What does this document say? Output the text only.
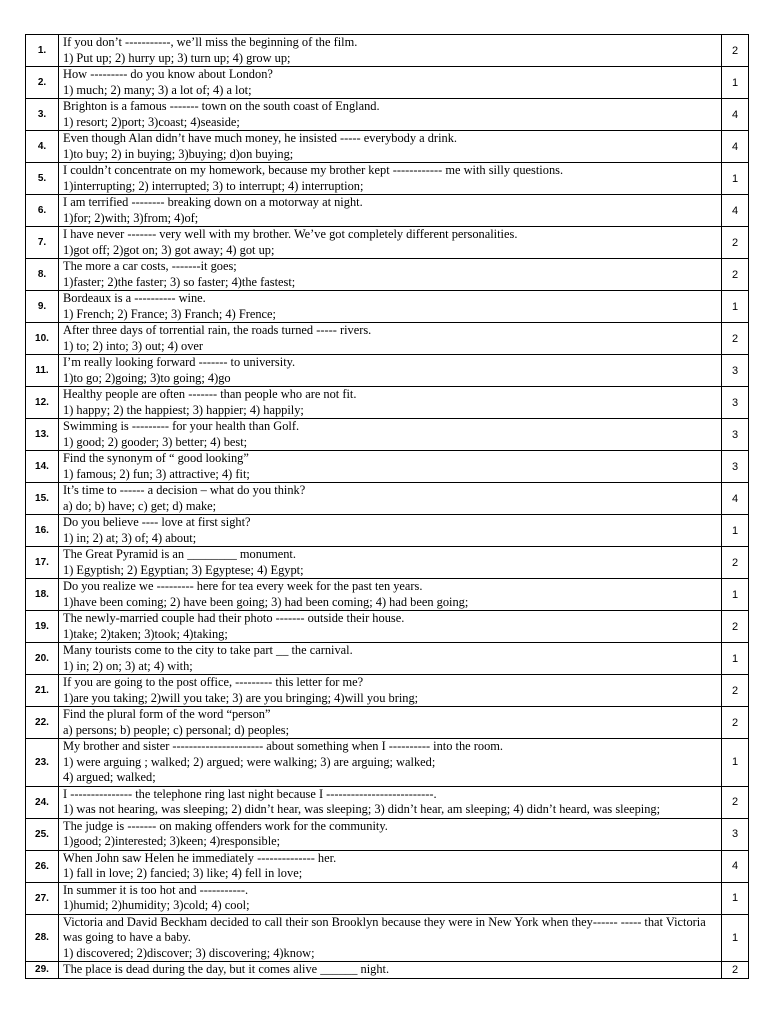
1.	If you don’t -----------, we’ll miss the beginning of the film.
1) Put up; 2) hurry up; 3) turn up; 4) grow up;	2
2.	How --------- do you know about London?
1) much; 2) many; 3) a lot of; 4) a lot;	1
3.	Brighton is a famous ------- town on the south coast of England.
1) resort; 2)port; 3)coast; 4)seaside;	4
4.	Even though Alan didn’t have much money, he insisted ----- everybody a drink.
1)to buy; 2) in buying; 3)buying; d)on buying;	4
5.	I couldn’t concentrate on my homework, because my brother kept ------------ me with silly questions.
1)interrupting; 2) interrupted; 3) to interrupt; 4) interruption;	1
6.	I am terrified -------- breaking down on a motorway at night.
1)for; 2)with; 3)from; 4)of;	4
7.	I have never ------- very well with my brother. We’ve got completely different personalities.
1)got off; 2)got on; 3) got away; 4) got up;	2
8.	The more a car costs, -------it goes;
1)faster; 2)the faster; 3) so faster; 4)the fastest;	2
9.	Bordeaux is a ---------- wine.
1) French; 2) France; 3) Franch; 4) Frence;	1
10.	After three days of torrential rain, the roads turned ----- rivers.
1) to; 2) into; 3) out; 4) over	2
11.	I’m really looking forward ------- to university.
1)to go; 2)going; 3)to going; 4)go	3
12.	Healthy people are often ------- than people who are not fit.
1) happy; 2) the happiest; 3) happier; 4) happily;	3
13.	Swimming is --------- for your health than Golf.
1) good; 2) gooder; 3) better; 4) best;	3
14.	Find the synonym of “ good looking”
1) famous; 2) fun; 3) attractive; 4) fit;	3
15.	It’s time to ------ a decision – what do you think?
a) do; b) have; c) get; d) make;	4
16.	Do you believe ---- love at first sight?
1) in; 2) at; 3) of; 4) about;	1
17.	The Great Pyramid is an ________ monument.
1) Egyptish; 2) Egyptian; 3) Egyptese; 4) Egypt;	2
18.	Do you realize we --------- here for tea every week for the past ten years.
1)have been coming; 2) have been going; 3) had been coming; 4) had been going;	1
19.	The newly-married couple had their photo ------- outside their house.
1)take; 2)taken; 3)took; 4)taking;	2
20.	Many tourists come to the city to take part __ the carnival.
1) in; 2) on; 3) at; 4) with;	1
21.	If you are going to the post office, --------- this letter for me?
1)are you taking; 2)will you take; 3) are you bringing; 4)will you bring;	2
22.	Find the plural form of the word “person”
a) persons; b) people; c) personal; d) peoples;	2
23.	My brother and sister ---------------------- about something when I ---------- into the room.
1) were arguing ; walked; 2) argued; were walking; 3) are arguing; walked;
4) argued; walked;	1
24.	I --------------- the telephone ring last night because I --------------------------.
1) was not hearing, was sleeping; 2) didn’t hear, was sleeping; 3) didn’t hear, am sleeping; 4) didn’t heard, was sleeping;	2
25.	The judge is ------- on making offenders work for the community.
1)good; 2)interested; 3)keen; 4)responsible;	3
26.	When John saw Helen he immediately -------------- her.
1) fall in love; 2) fancied; 3) like; 4) fell in love;	4
27.	In summer it is too hot and -----------.
1)humid; 2)humidity; 3)cold; 4) cool;	1
28.	Victoria and David Beckham decided to call their son Brooklyn because they were in New York when they------ ----- that Victoria was going to have a baby.
1) discovered; 2)discover; 3) discovering; 4)know;	1
29.	The place is dead during the day, but it comes alive ______ night.	2
